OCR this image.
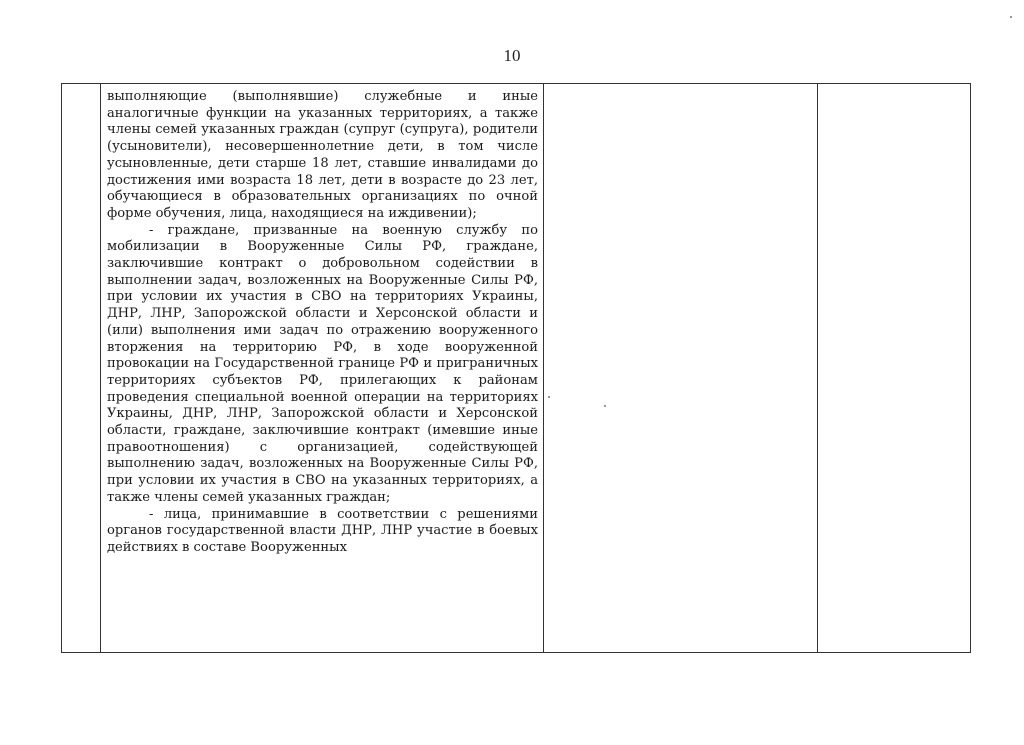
10

выполняющие (выполнявшие) служебные и иные аналогичные функции на указанных территориях, а также члены семей указанных граждан (супруг (супруга), родители (усыновители), несовершеннолетние дети, в том числе усыновленные, дети старше 18 лет, ставшие инвалидами до достижения ими возраста 18 лет, дети в возрасте до 23 лет, обучающиеся в образовательных организациях по очной форме обучения, лица, находящиеся на иждивении);

- граждане, призванные на военную службу по мобилизации в Вооруженные Силы РФ, граждане, заключившие контракт о добровольном содействии в выполнении задач, возложенных на Вооруженные Силы РФ, при условии их участия в СВО на территориях Украины, ДНР, ЛНР, Запорожской области и Херсонской области и (или) выполнения ими задач по отражению вооруженного вторжения на территорию РФ, в ходе вооруженной провокации на Государственной границе РФ и приграничных территориях субъектов РФ, прилегающих к районам проведения специальной военной операции на территориях Украины, ДНР, ЛНР, Запорожской области и Херсонской области, граждане, заключившие контракт (имевшие иные правоотношения) с организацией, содействующей выполнению задач, возложенных на Вооруженные Силы РФ, при условии их участия в СВО на указанных территориях, а также члены семей указанных граждан;

- лица, принимавшие в соответствии с решениями органов государственной власти ДНР, ЛНР участие в боевых действиях в составе Вооруженных
